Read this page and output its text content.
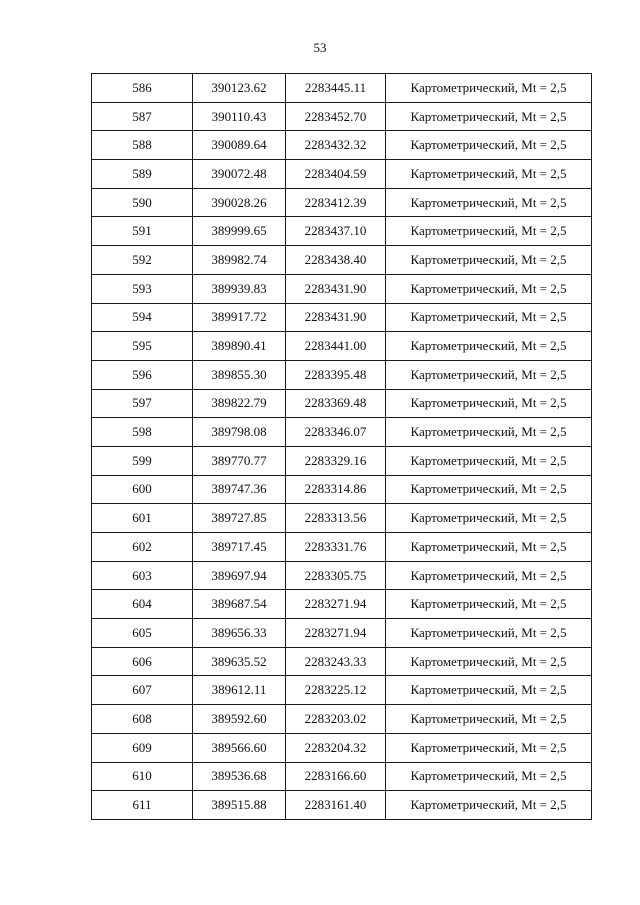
53
586	390123.62	2283445.11	Картометрический, Mt = 2,5
587	390110.43	2283452.70	Картометрический, Mt = 2,5
588	390089.64	2283432.32	Картометрический, Mt = 2,5
589	390072.48	2283404.59	Картометрический, Mt = 2,5
590	390028.26	2283412.39	Картометрический, Mt = 2,5
591	389999.65	2283437.10	Картометрический, Mt = 2,5
592	389982.74	2283438.40	Картометрический, Mt = 2,5
593	389939.83	2283431.90	Картометрический, Mt = 2,5
594	389917.72	2283431.90	Картометрический, Mt = 2,5
595	389890.41	2283441.00	Картометрический, Mt = 2,5
596	389855.30	2283395.48	Картометрический, Mt = 2,5
597	389822.79	2283369.48	Картометрический, Mt = 2,5
598	389798.08	2283346.07	Картометрический, Mt = 2,5
599	389770.77	2283329.16	Картометрический, Mt = 2,5
600	389747.36	2283314.86	Картометрический, Mt = 2,5
601	389727.85	2283313.56	Картометрический, Mt = 2,5
602	389717.45	2283331.76	Картометрический, Mt = 2,5
603	389697.94	2283305.75	Картометрический, Mt = 2,5
604	389687.54	2283271.94	Картометрический, Mt = 2,5
605	389656.33	2283271.94	Картометрический, Mt = 2,5
606	389635.52	2283243.33	Картометрический, Mt = 2,5
607	389612.11	2283225.12	Картометрический, Mt = 2,5
608	389592.60	2283203.02	Картометрический, Mt = 2,5
609	389566.60	2283204.32	Картометрический, Mt = 2,5
610	389536.68	2283166.60	Картометрический, Mt = 2,5
611	389515.88	2283161.40	Картометрический, Mt = 2,5
